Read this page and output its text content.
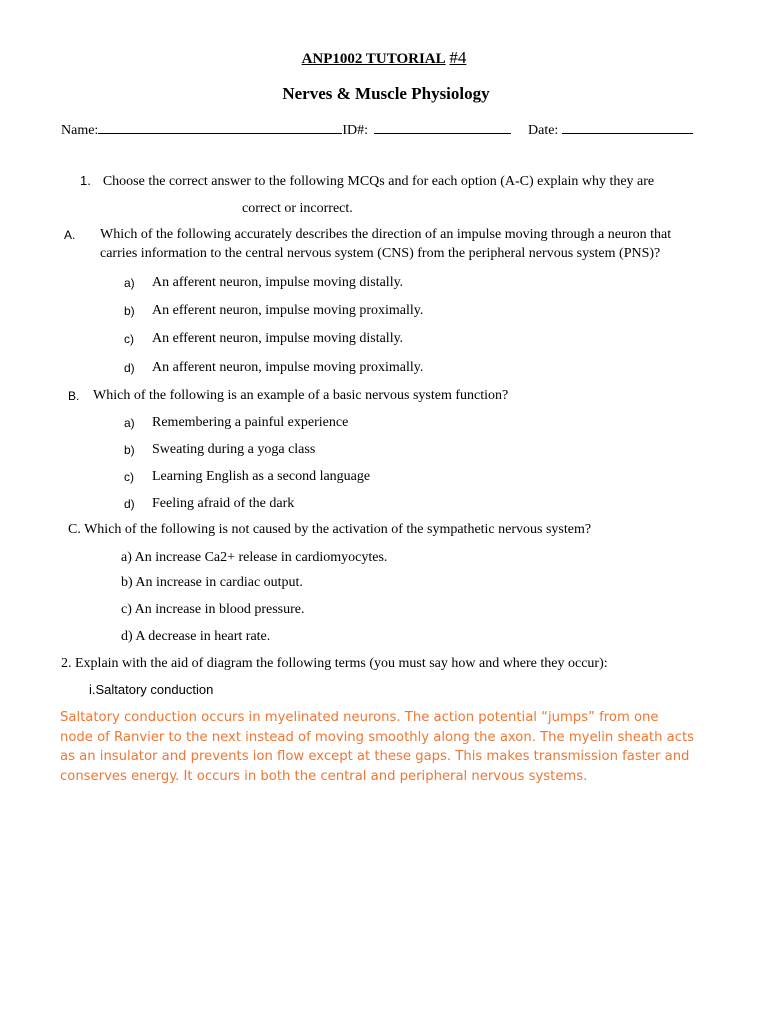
ANP1002 TUTORIAL #4
Nerves & Muscle Physiology
Name:	ID#:	Date:
1. Choose the correct answer to the following MCQs and for each option (A-C) explain why they are
correct or incorrect.
A. Which of the following accurately describes the direction of an impulse moving through a neuron that
carries information to the central nervous system (CNS) from the peripheral nervous system (PNS)?
a) An afferent neuron, impulse moving distally.
b) An efferent neuron, impulse moving proximally.
c) An efferent neuron, impulse moving distally.
d) An afferent neuron, impulse moving proximally.
B. Which of the following is an example of a basic nervous system function?
a) Remembering a painful experience
b) Sweating during a yoga class
c) Learning English as a second language
d) Feeling afraid of the dark
C. Which of the following is not caused by the activation of the sympathetic nervous system?
a) An increase Ca2+ release in cardiomyocytes.
b) An increase in cardiac output.
c) An increase in blood pressure.
d) A decrease in heart rate.
2. Explain with the aid of diagram the following terms (you must say how and where they occur):
i.Saltatory conduction
Saltatory conduction occurs in myelinated neurons. The action potential “jumps” from one
node of Ranvier to the next instead of moving smoothly along the axon. The myelin sheath acts
as an insulator and prevents ion flow except at these gaps. This makes transmission faster and
conserves energy. It occurs in both the central and peripheral nervous systems.
